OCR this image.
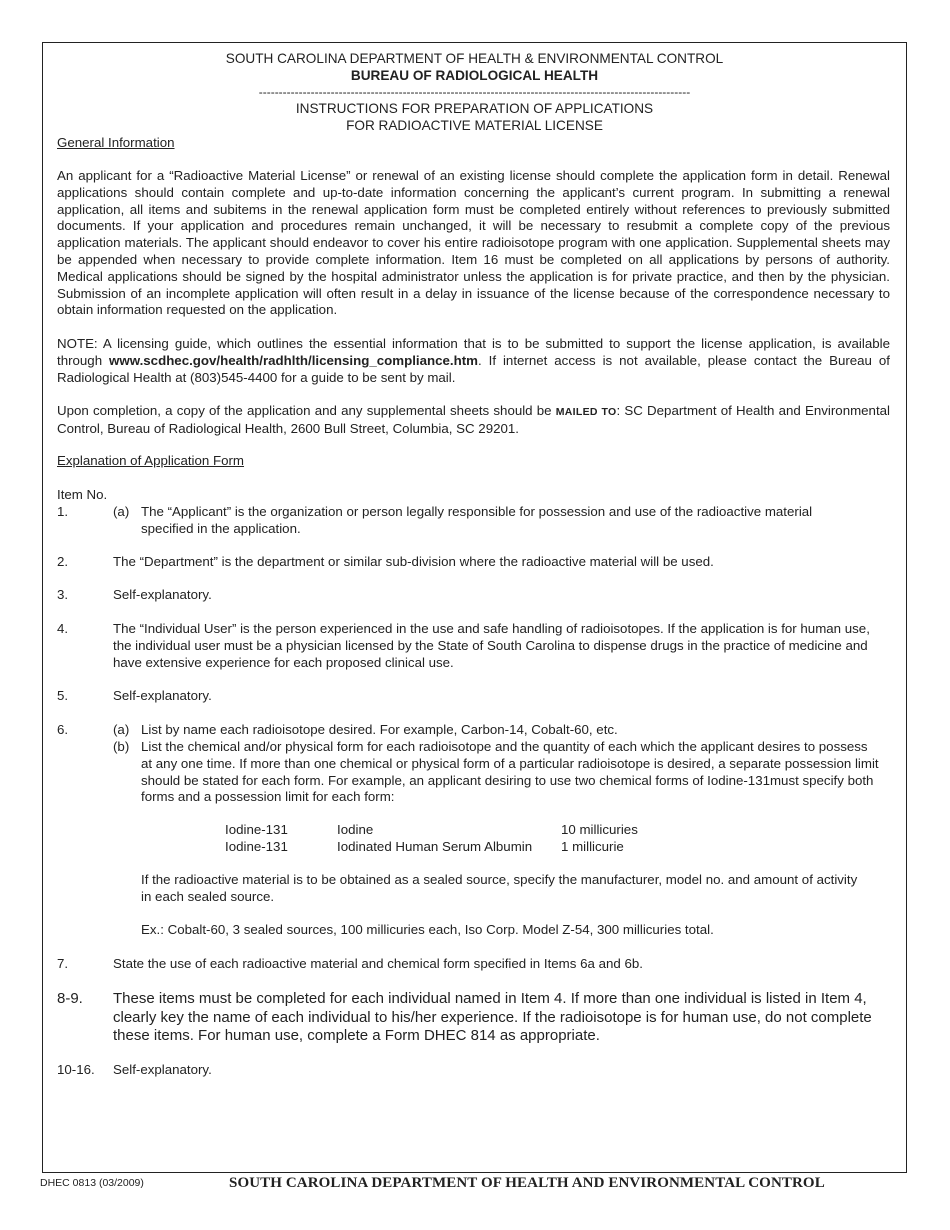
SOUTH CAROLINA DEPARTMENT OF HEALTH & ENVIRONMENTAL CONTROL
BUREAU OF RADIOLOGICAL HEALTH
------------------------------------------------------------------------------------------------------------
INSTRUCTIONS FOR PREPARATION OF APPLICATIONS
FOR RADIOACTIVE MATERIAL LICENSE
General Information
An applicant for a “Radioactive Material License” or renewal of an existing license should complete the application form in detail. Renewal applications should contain complete and up-to-date information concerning the applicant’s current program. In submitting a renewal application, all items and subitems in the renewal application form must be completed entirely without references to previously submitted documents. If your application and procedures remain unchanged, it will be necessary to resubmit a complete copy of the previous application materials. The applicant should endeavor to cover his entire radioisotope program with one application. Supplemental sheets may be appended when necessary to provide complete information. Item 16 must be completed on all applications by persons of authority. Medical applications should be signed by the hospital administrator unless the application is for private practice, and then by the physician. Submission of an incomplete application will often result in a delay in issuance of the license because of the correspondence necessary to obtain information requested on the application.
NOTE: A licensing guide, which outlines the essential information that is to be submitted to support the license application, is available through www.scdhec.gov/health/radhlth/licensing_compliance.htm. If internet access is not available, please contact the Bureau of Radiological Health at (803)545-4400 for a guide to be sent by mail.
Upon completion, a copy of the application and any supplemental sheets should be MAILED TO: SC Department of Health and Environmental Control, Bureau of Radiological Health, 2600 Bull Street, Columbia, SC 29201.
Explanation of Application Form
Item No.
1.	(a) The “Applicant” is the organization or person legally responsible for possession and use of the radioactive material specified in the application.
2.	The “Department” is the department or similar sub-division where the radioactive material will be used.
3.	Self-explanatory.
4.	The “Individual User” is the person experienced in the use and safe handling of radioisotopes. If the application is for human use, the individual user must be a physician licensed by the State of South Carolina to dispense drugs in the practice of medicine and have extensive experience for each proposed clinical use.
5.	Self-explanatory.
6.	(a) List by name each radioisotope desired. For example, Carbon-14, Cobalt-60, etc.
(b) List the chemical and/or physical form for each radioisotope and the quantity of each which the applicant desires to possess at any one time. If more than one chemical or physical form of a particular radioisotope is desired, a separate possession limit should be stated for each form. For example, an applicant desiring to use two chemical forms of Iodine-131must specify both forms and a possession limit for each form:
Iodine-131	Iodine	10 millicuries
Iodine-131	Iodinated Human Serum Albumin 1 millicurie
If the radioactive material is to be obtained as a sealed source, specify the manufacturer, model no. and amount of activity in each sealed source.
Ex.: Cobalt-60, 3 sealed sources, 100 millicuries each, Iso Corp. Model Z-54, 300 millicuries total.
7.	State the use of each radioactive material and chemical form specified in Items 6a and 6b.
8-9. These items must be completed for each individual named in Item 4. If more than one individual is listed in Item 4, clearly key the name of each individual to his/her experience. If the radioisotope is for human use, do not complete these items. For human use, complete a Form DHEC 814 as appropriate.
10-16. Self-explanatory.
DHEC 0813 (03/2009)	SOUTH CAROLINA DEPARTMENT OF HEALTH AND ENVIRONMENTAL CONTROL
